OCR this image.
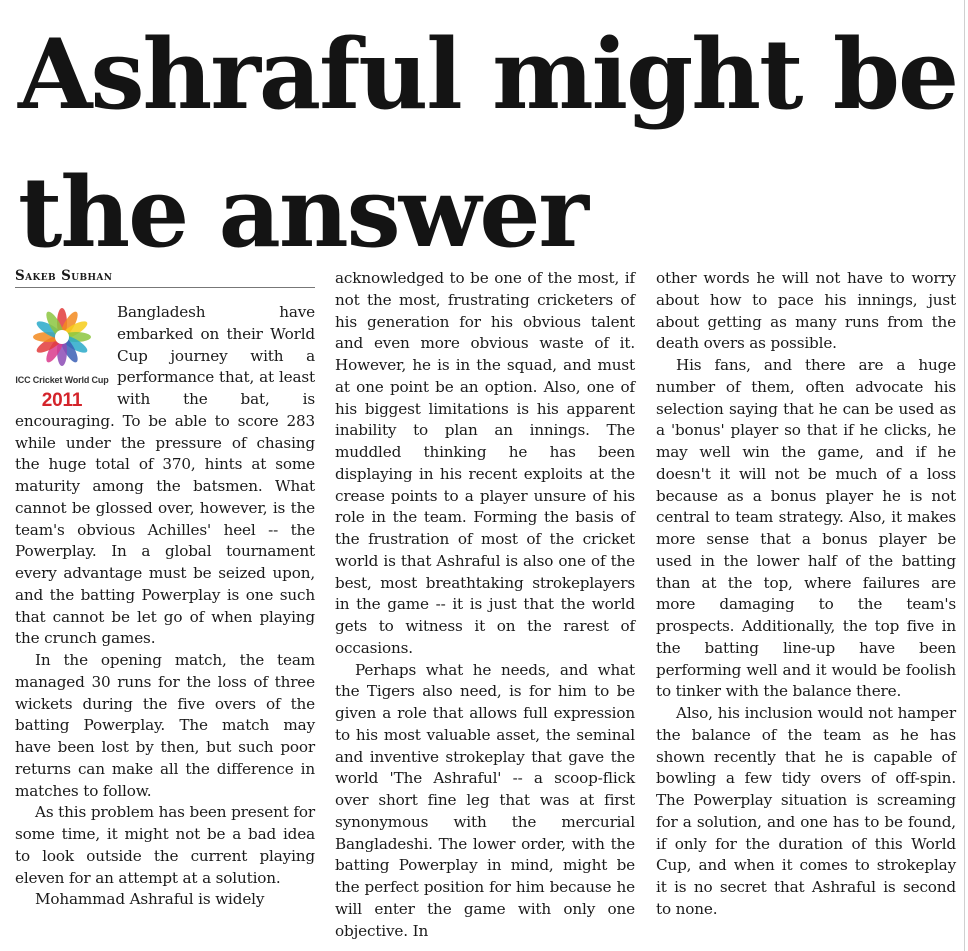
Ashraful might be the answer
Sakeb Subhan
ICC Cricket World Cup
2011

Bangladesh have embarked on their World Cup journey with a performance that, at least with the bat, is encouraging. To be able to score 283 while under the pressure of chasing the huge total of 370, hints at some maturity among the batsmen. What cannot be glossed over, however, is the team's obvious Achilles' heel -- the Powerplay. In a global tournament every advantage must be seized upon, and the batting Powerplay is one such that cannot be let go of when playing the crunch games.

In the opening match, the team managed 30 runs for the loss of three wickets during the five overs of the batting Powerplay. The match may have been lost by then, but such poor returns can make all the difference in matches to follow.

As this problem has been present for some time, it might not be a bad idea to look outside the current playing eleven for an attempt at a solution.

Mohammad Ashraful is widely

acknowledged to be one of the most, if not the most, frustrating cricketers of his generation for his obvious talent and even more obvious waste of it. However, he is in the squad, and must at one point be an option. Also, one of his biggest limitations is his apparent inability to plan an innings. The muddled thinking he has been displaying in his recent exploits at the crease points to a player unsure of his role in the team. Forming the basis of the frustration of most of the cricket world is that Ashraful is also one of the best, most breathtaking strokeplayers in the game -- it is just that the world gets to witness it on the rarest of occasions.

Perhaps what he needs, and what the Tigers also need, is for him to be given a role that allows full expression to his most valuable asset, the seminal and inventive strokeplay that gave the world 'The Ashraful' -- a scoop-flick over short fine leg that was at first synonymous with the mercurial Bangladeshi. The lower order, with the batting Powerplay in mind, might be the perfect position for him because he will enter the game with only one objective. In

other words he will not have to worry about how to pace his innings, just about getting as many runs from the death overs as possible.

His fans, and there are a huge number of them, often advocate his selection saying that he can be used as a 'bonus' player so that if he clicks, he may well win the game, and if he doesn't it will not be much of a loss because as a bonus player he is not central to team strategy. Also, it makes more sense that a bonus player be used in the lower half of the batting than at the top, where failures are more damaging to the team's prospects. Additionally, the top five in the batting line-up have been performing well and it would be foolish to tinker with the balance there.

Also, his inclusion would not hamper the balance of the team as he has shown recently that he is capable of bowling a few tidy overs of off-spin. The Powerplay situation is screaming for a solution, and one has to be found, if only for the duration of this World Cup, and when it comes to strokeplay it is no secret that Ashraful is second to none.
